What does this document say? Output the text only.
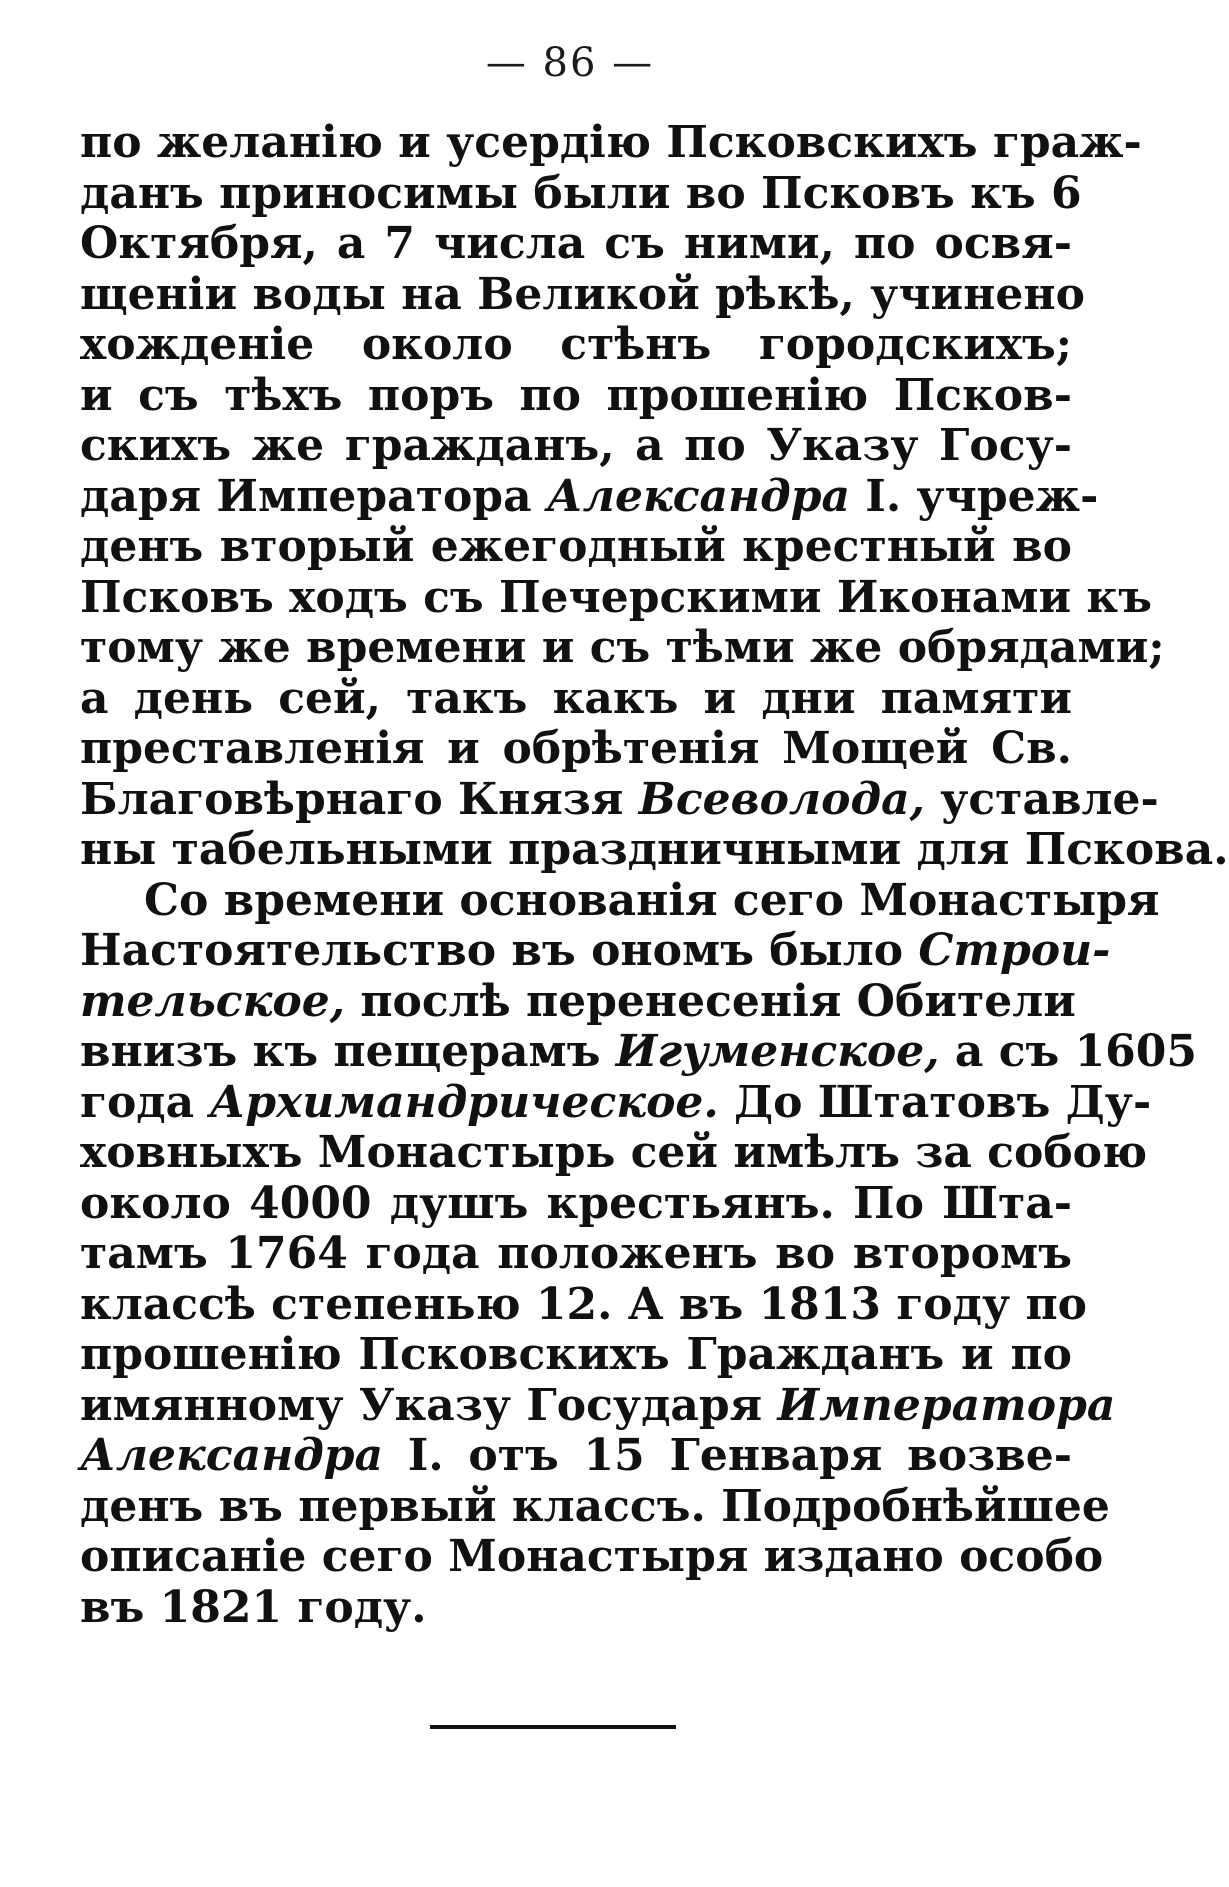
— 86 —
по желанію и усердію Псковскихъ граж-
данъ приносимы были во Псковъ къ 6
Октября, а 7 числа съ ними, по освя-
щеніи воды на Великой рѣкѣ, учинено
хожденіе около стѣнъ городскихъ;
и съ тѣхъ поръ по прошенію Псков-
скихъ же гражданъ, а по Указу Госу-
даря Императора Александра I. учреж-
денъ вторый ежегодный крестный во
Псковъ ходъ съ Печерскими Иконами къ
тому же времени и съ тѣми же обрядами;
а день сей, такъ какъ и дни памяти
преставленія и обрѣтенія Мощей Св.
Благовѣрнаго Князя Всеволода, уставле-
ны табельными праздничными для Пскова.
Со времени основанія сего Монастыря
Настоятельство въ ономъ было Строи-
тельское, послѣ перенесенія Обители
внизъ къ пещерамъ Игуменское, а съ 1605
года Архимандрическое. До Штатовъ Ду-
ховныхъ Монастырь сей имѣлъ за собою
около 4000 душъ крестьянъ. По Шта-
тамъ 1764 года положенъ во второмъ
классѣ степенью 12. А въ 1813 году по
прошенію Псковскихъ Гражданъ и по
имянному Указу Государя Императора
Александра I. отъ 15 Генваря возве-
денъ въ первый классъ. Подробнѣйшее
описаніе сего Монастыря издано особо
въ 1821 году.
